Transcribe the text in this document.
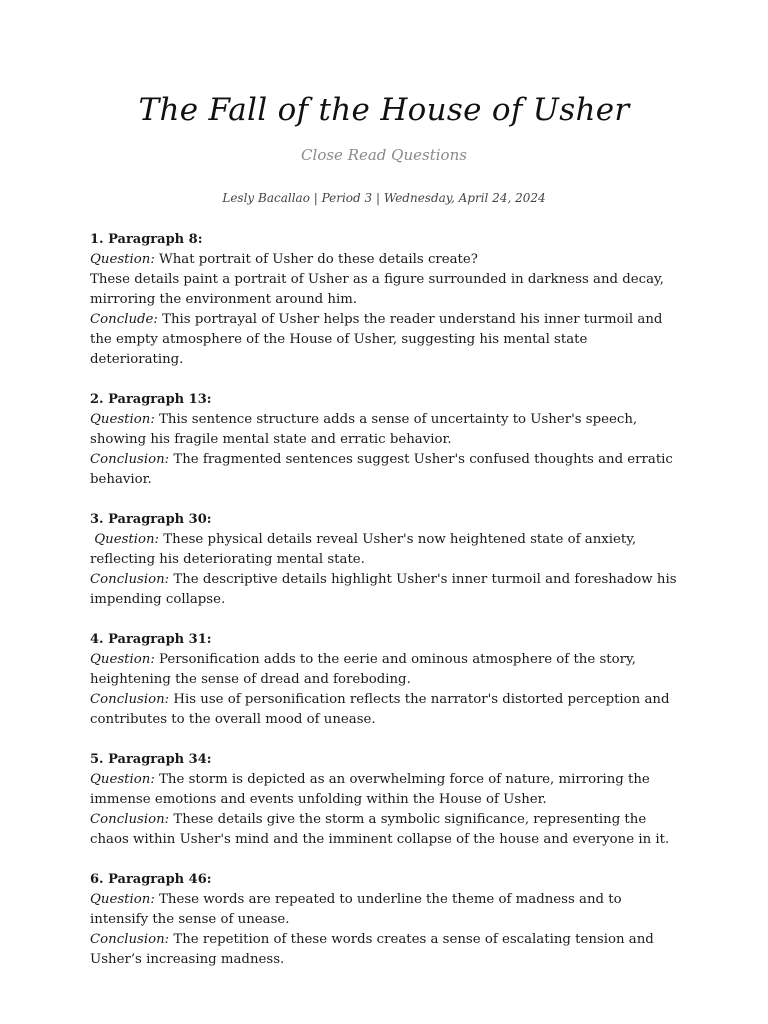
The Fall of the House of Usher
Close Read Questions
Lesly Bacallao | Period 3 | Wednesday, April 24, 2024
1. Paragraph 8:
Question: What portrait of Usher do these details create?
These details paint a portrait of Usher as a figure surrounded in darkness and decay, mirroring the environment around him.
Conclude: This portrayal of Usher helps the reader understand his inner turmoil and the empty atmosphere of the House of Usher, suggesting his mental state deteriorating.
2. Paragraph 13:
Question: This sentence structure adds a sense of uncertainty to Usher's speech, showing his fragile mental state and erratic behavior.
Conclusion: The fragmented sentences suggest Usher's confused thoughts and erratic behavior.
3. Paragraph 30:
Question: These physical details reveal Usher's now heightened state of anxiety, reflecting his deteriorating mental state.
Conclusion: The descriptive details highlight Usher's inner turmoil and foreshadow his impending collapse.
4. Paragraph 31:
Question: Personification adds to the eerie and ominous atmosphere of the story, heightening the sense of dread and foreboding.
Conclusion: His use of personification reflects the narrator's distorted perception and contributes to the overall mood of unease.
5. Paragraph 34:
Question: The storm is depicted as an overwhelming force of nature, mirroring the immense emotions and events unfolding within the House of Usher.
Conclusion: These details give the storm a symbolic significance, representing the chaos within Usher's mind and the imminent collapse of the house and everyone in it.
6. Paragraph 46:
Question: These words are repeated to underline the theme of madness and to intensify the sense of unease.
Conclusion: The repetition of these words creates a sense of escalating tension and Usher’s increasing madness.
